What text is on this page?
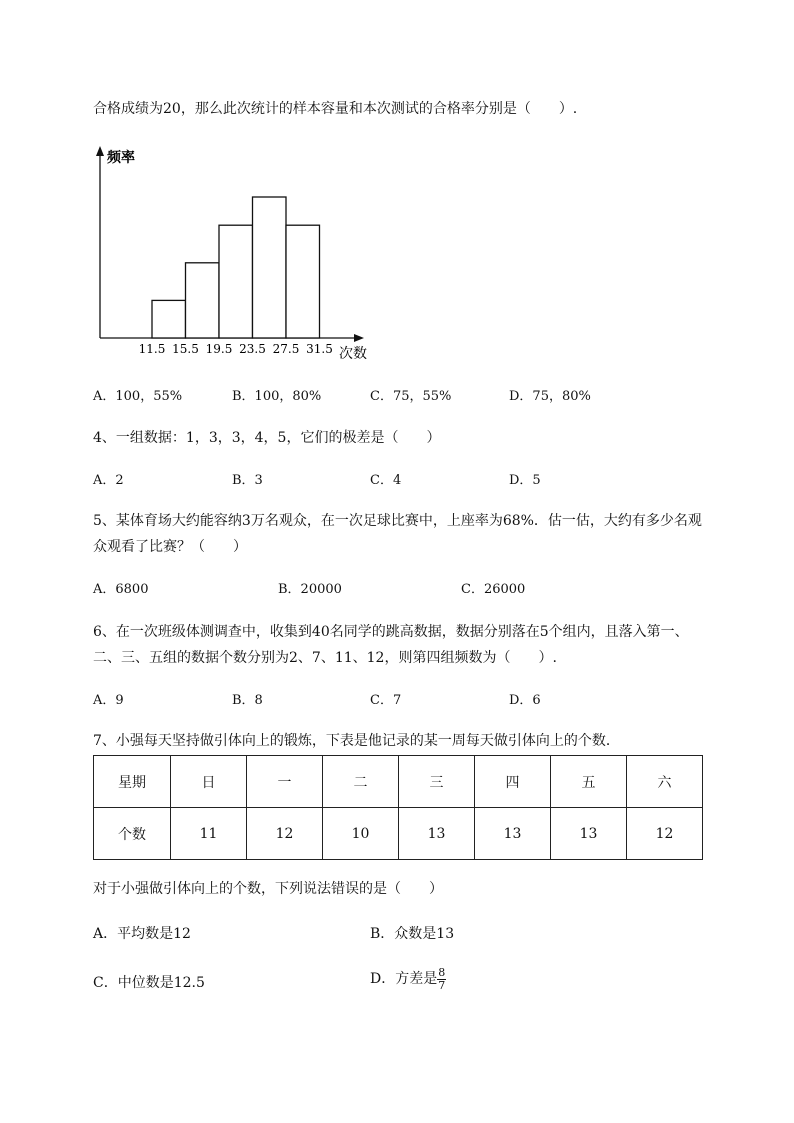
合格成绩为20，那么此次统计的样本容量和本次测试的合格率分别是（　　）.
频率
次数
11.5 15.5 19.5 23.5 27.5 31.5
A．100，55%	B．100，80%	C．75，55%	D．75，80%
4、一组数据：1，3，3，4，5，它们的极差是（　　）
A．2	B．3	C．4	D．5
5、某体育场大约能容纳3万名观众，在一次足球比赛中，上座率为68%．估一估，大约有多少名观
众观看了比赛？（　　）
A．6800	B．20000	C．26000
6、在一次班级体测调查中，收集到40名同学的跳高数据，数据分别落在5个组内，且落入第一、
二、三、五组的数据个数分别为2、7、11、12，则第四组频数为（　　）.
A．9	B．8	C．7	D．6
7、小强每天坚持做引体向上的锻炼，下表是他记录的某一周每天做引体向上的个数．
星期	日	一	二	三	四	五	六
个数	11	12	10	13	13	13	12
对于小强做引体向上的个数，下列说法错误的是（　　）
A．平均数是12	B．众数是13
C．中位数是12.5	D．方差是 $\frac{8}{7}$
